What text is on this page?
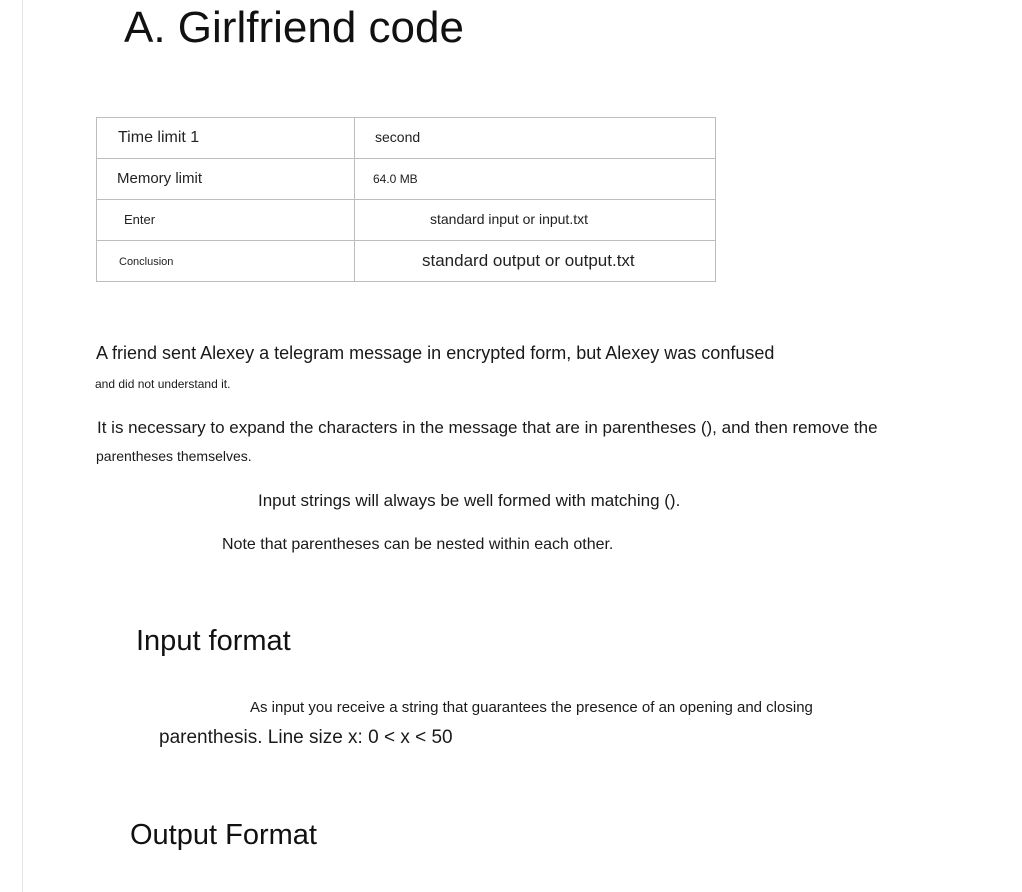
A. Girlfriend code
Time limit 1	second
Memory limit	64.0 MB
Enter	standard input or input.txt
Conclusion	standard output or output.txt
A friend sent Alexey a telegram message in encrypted form, but Alexey was confused
and did not understand it.
It is necessary to expand the characters in the message that are in parentheses (), and then remove the
parentheses themselves.
Input strings will always be well formed with matching ().
Note that parentheses can be nested within each other.
Input format
As input you receive a string that guarantees the presence of an opening and closing
parenthesis. Line size x: 0 < x < 50
Output Format
